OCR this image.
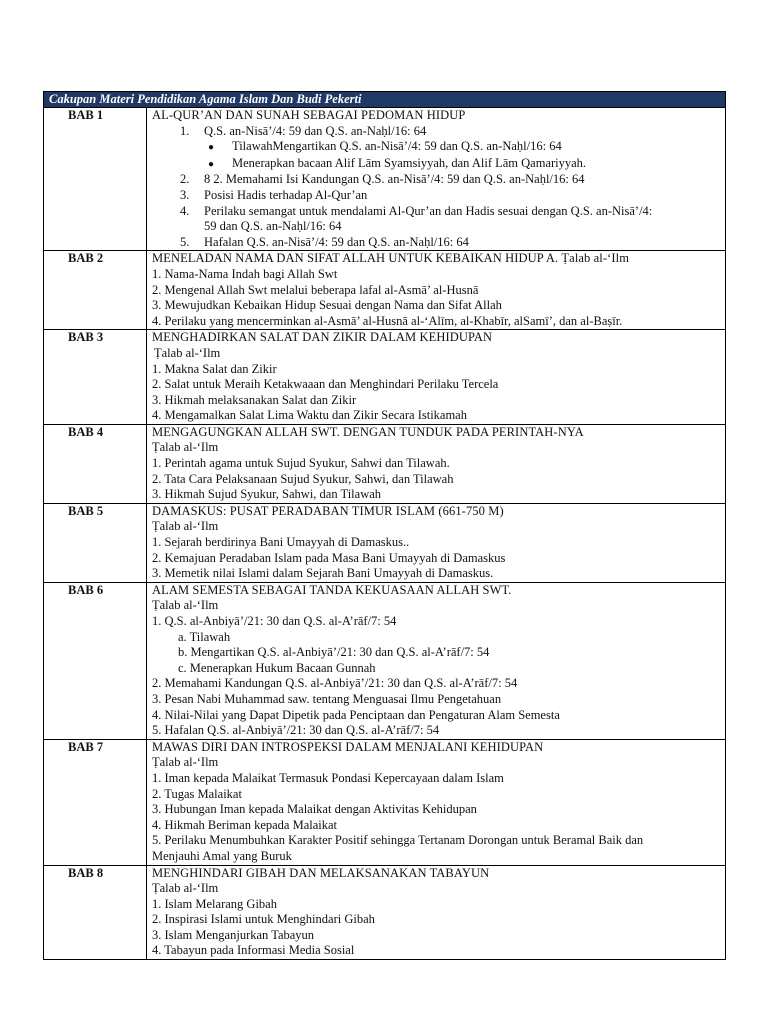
Cakupan Materi Pendidikan Agama Islam Dan Budi Pekerti
BAB 1	AL-QUR’AN DAN SUNAH SEBAGAI PEDOMAN HIDUP
1. Q.S. an-Nisā’/4: 59 dan Q.S. an-Naḥl/16: 64
● TilawahMengartikan Q.S. an-Nisā’/4: 59 dan Q.S. an-Naḥl/16: 64
● Menerapkan bacaan Alif Lām Syamsiyyah, dan Alif Lām Qamariyyah.
2. 8 2. Memahami Isi Kandungan Q.S. an-Nisā’/4: 59 dan Q.S. an-Naḥl/16: 64
3. Posisi Hadis terhadap Al-Qur’an
4. Perilaku semangat untuk mendalami Al-Qur’an dan Hadis sesuai dengan Q.S. an-Nisā’/4:
59 dan Q.S. an-Naḥl/16: 64
5. Hafalan Q.S. an-Nisā’/4: 59 dan Q.S. an-Naḥl/16: 64
BAB 2	MENELADAN NAMA DAN SIFAT ALLAH UNTUK KEBAIKAN HIDUP A. Ṭalab al-‘Ilm
1. Nama-Nama Indah bagi Allah Swt
2. Mengenal Allah Swt melalui beberapa lafal al-Asmā’ al-Husnā
3. Mewujudkan Kebaikan Hidup Sesuai dengan Nama dan Sifat Allah
4. Perilaku yang mencerminkan al-Asmā’ al-Husnā al-‘Alīm, al-Khabīr, alSamī’, dan al-Baṣīr.
BAB 3	MENGHADIRKAN SALAT DAN ZIKIR DALAM KEHIDUPAN
Ṭalab al-‘Ilm
1. Makna Salat dan Zikir
2. Salat untuk Meraih Ketakwaaan dan Menghindari Perilaku Tercela
3. Hikmah melaksanakan Salat dan Zikir
4. Mengamalkan Salat Lima Waktu dan Zikir Secara Istikamah
BAB 4	MENGAGUNGKAN ALLAH SWT. DENGAN TUNDUK PADA PERINTAH-NYA
Ṭalab al-‘Ilm
1. Perintah agama untuk Sujud Syukur, Sahwi dan Tilawah.
2. Tata Cara Pelaksanaan Sujud Syukur, Sahwi, dan Tilawah
3. Hikmah Sujud Syukur, Sahwi, dan Tilawah
BAB 5	DAMASKUS: PUSAT PERADABAN TIMUR ISLAM (661-750 M)
Ṭalab al-‘Ilm
1. Sejarah berdirinya Bani Umayyah di Damaskus..
2. Kemajuan Peradaban Islam pada Masa Bani Umayyah di Damaskus
3. Memetik nilai Islami dalam Sejarah Bani Umayyah di Damaskus.
BAB 6	ALAM SEMESTA SEBAGAI TANDA KEKUASAAN ALLAH SWT.
Ṭalab al-‘Ilm
1. Q.S. al-Anbiyā’/21: 30 dan Q.S. al-A’rāf/7: 54
a. Tilawah
b. Mengartikan Q.S. al-Anbiyā’/21: 30 dan Q.S. al-A’rāf/7: 54
c. Menerapkan Hukum Bacaan Gunnah
2. Memahami Kandungan Q.S. al-Anbiyā’/21: 30 dan Q.S. al-A’rāf/7: 54
3. Pesan Nabi Muhammad saw. tentang Menguasai Ilmu Pengetahuan
4. Nilai-Nilai yang Dapat Dipetik pada Penciptaan dan Pengaturan Alam Semesta
5. Hafalan Q.S. al-Anbiyā’/21: 30 dan Q.S. al-A’rāf/7: 54
BAB 7	MAWAS DIRI DAN INTROSPEKSI DALAM MENJALANI KEHIDUPAN
Ṭalab al-‘Ilm
1. Iman kepada Malaikat Termasuk Pondasi Kepercayaan dalam Islam
2. Tugas Malaikat
3. Hubungan Iman kepada Malaikat dengan Aktivitas Kehidupan
4. Hikmah Beriman kepada Malaikat
5. Perilaku Menumbuhkan Karakter Positif sehingga Tertanam Dorongan untuk Beramal Baik dan
Menjauhi Amal yang Buruk
BAB 8	MENGHINDARI GIBAH DAN MELAKSANAKAN TABAYUN
Ṭalab al-‘Ilm
1. Islam Melarang Gibah
2. Inspirasi Islami untuk Menghindari Gibah
3. Islam Menganjurkan Tabayun
4. Tabayun pada Informasi Media Sosial
